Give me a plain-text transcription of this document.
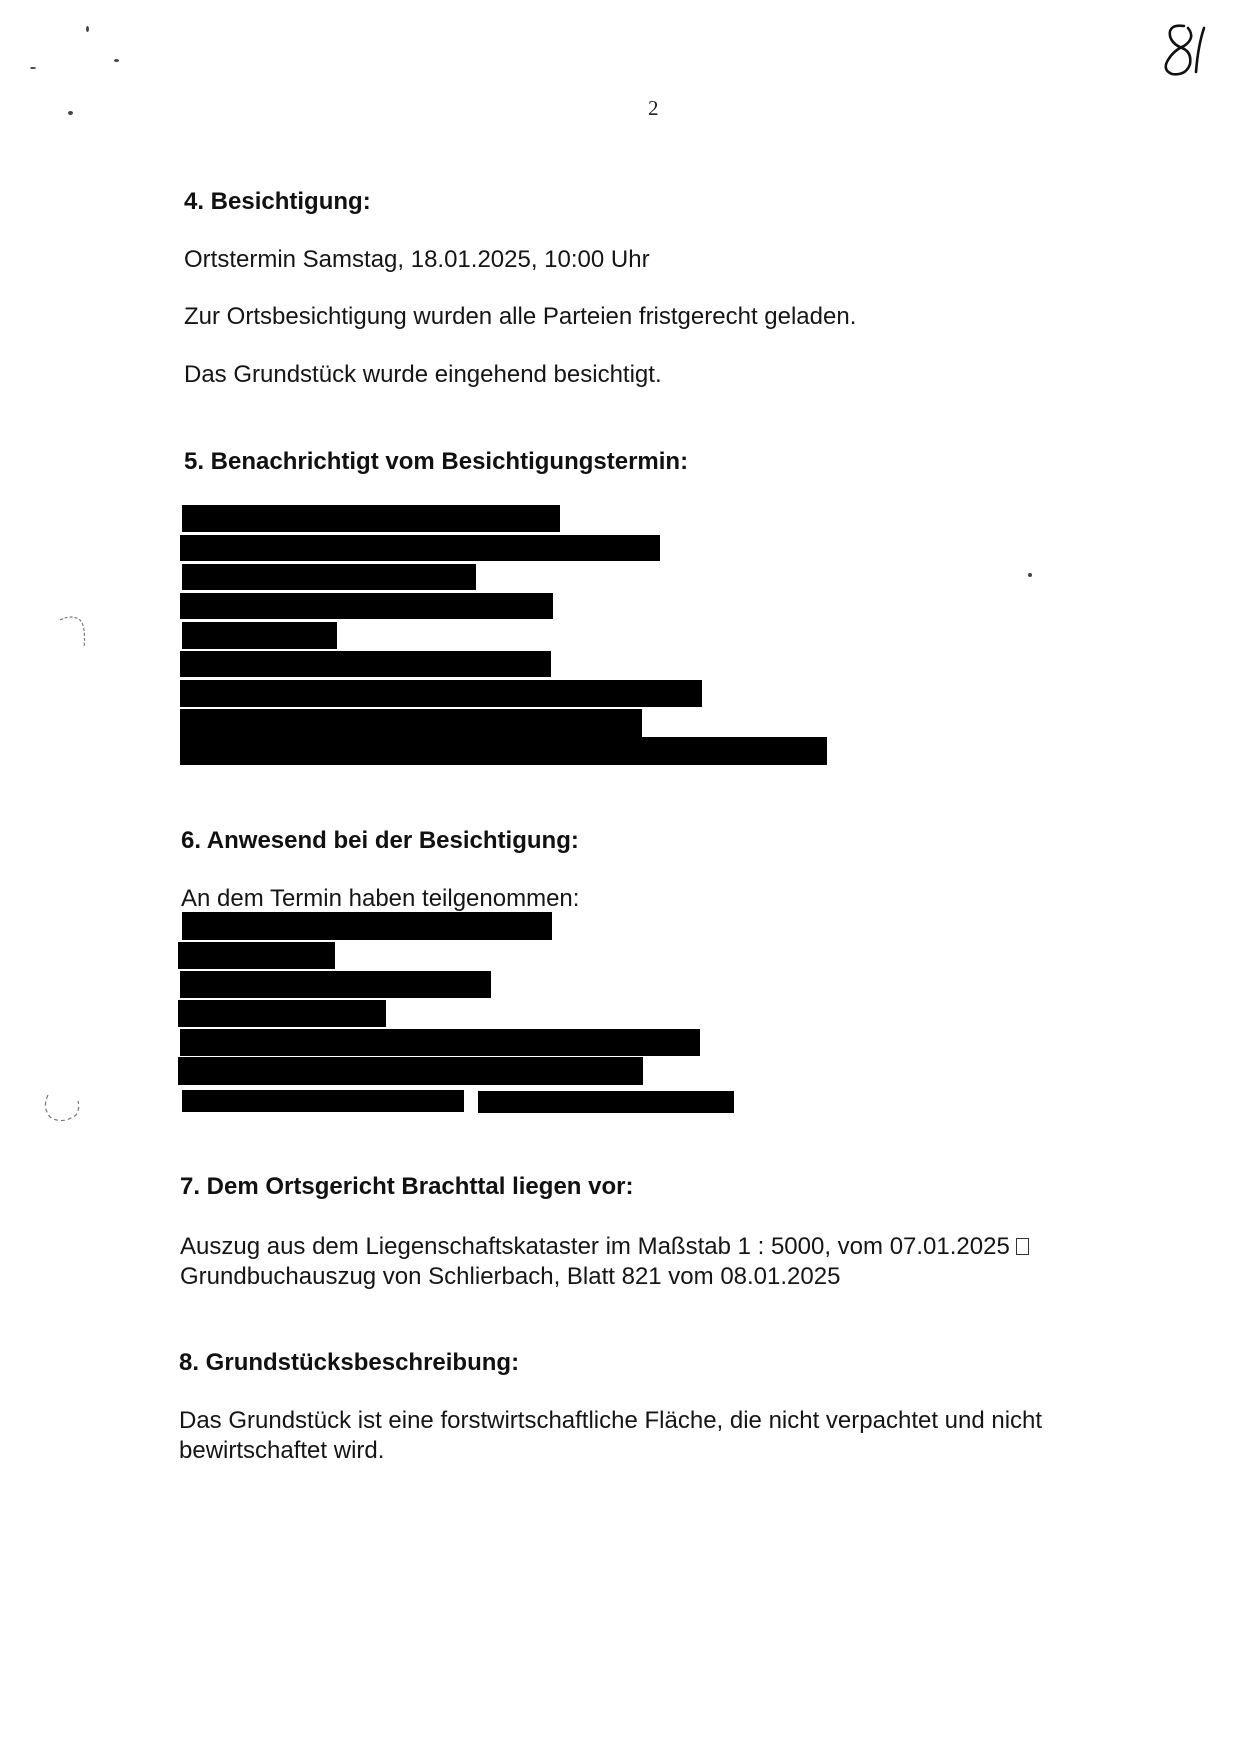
2
4. Besichtigung:
Ortstermin Samstag, 18.01.2025, 10:00 Uhr
Zur Ortsbesichtigung wurden alle Parteien fristgerecht geladen.
Das Grundstück wurde eingehend besichtigt.
5. Benachrichtigt vom Besichtigungstermin:
6. Anwesend bei der Besichtigung:
An dem Termin haben teilgenommen:
7. Dem Ortsgericht Brachttal liegen vor:
Auszug aus dem Liegenschaftskataster im Maßstab 1 : 5000, vom 07.01.2025
Grundbuchauszug von Schlierbach, Blatt 821 vom 08.01.2025
8. Grundstücksbeschreibung:
Das Grundstück ist eine forstwirtschaftliche Fläche, die nicht verpachtet und nicht
bewirtschaftet wird.
